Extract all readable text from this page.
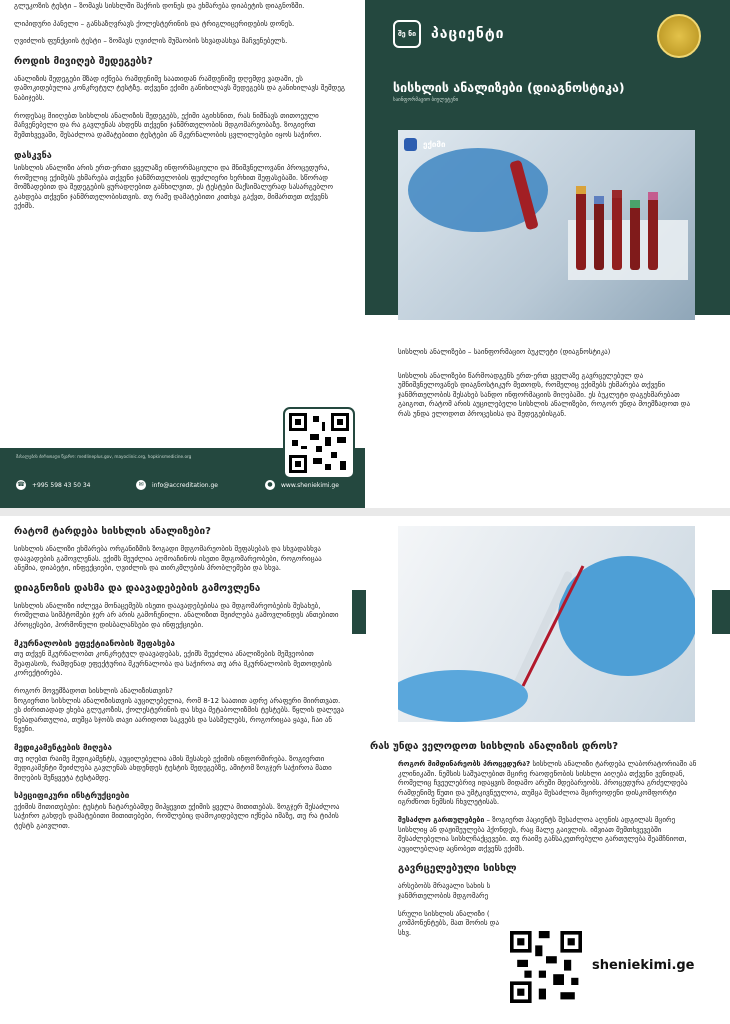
გლუკოზის ტესტი – ზომავს სისხლში შაქრის დონეს და ეხმარება დიაბეტის დიაგნოზში.

ლიპიდური პანელი – განსაზღვრავს ქოლესტერინის და ტრიგლიცერიდების დონეს.

ღვიძლის ფუნქციის ტესტი – ზომავს ღვიძლის მუშაობის სხვადასხვა მაჩვენებელს.

როდის მივიღებ შედეგებს?

ანალიზის შედეგები შზად იქნება რამდენიმე საათიდან რამდენიმე დღემდე ვადაში, ეს დამოკიდებულია კონკრეტულ ტესტზე. თქვენი ექიმი განიხილავს შედეგებს და განიხილავს შემდეგ ნაბიჯებს.

როდესაც მიიღებთ სისხლის ანალიზის შედეგებს, ექიმი აგიხსნით, რას ნიშნავს თითოეული მაჩვენებელი და რა გავლენას ახდენს თქვენი ჯანმრთელობის მდგომარეობაზე. ზოგიერთ შემთხვევაში, შესაძლოა დამატებითი ტესტები ან მკურნალობის ცვლილებები იყოს საჭირო.

დასკვნა

სისხლის ანალიზი არის ერთ-ერთი ყველაზე ინფორმაციული და მნიშვნელოვანი პროცედურა, რომელიც ექიმებს ეხმარება თქვენი ჯანმრთელობის ფუძლიერი ხერხით შეფასებაში. სწორად მომზადებით და შედეგების ყურადღებით განხილვით, ეს ტესტები მაქსიმალურად სასარგებლო გახდება თქვენი ჯანმრთელობისთვის. თუ რამე დამატებითი კითხვა გაქვთ, მიმართეთ თქვენს ექიმს.

მასალების ძირითადი წყარო: medlineplus.gov, mayoclinic.org, hopkinsmedicine.org
☎ +995 598 43 50 34	✉	info@accreditation.ge	●	www.sheniekimi.ge
შე ნი პაციენტი
სისხლის ანალიზები (დიაგნოსტიკა)
საინფორმაციო ბიულეტენი
ექიმი

სისხლის ანალიზები – საინფორმაციო ბუკლეტი (დიაგნოსტიკა)

სისხლის ანალიზები წარმოადგენს ერთ-ერთ ყველაზე გავრცელებულ და უმნიშვნელოვანეს დიაგნოსტიკურ მეთოდს, რომელიც ექიმებს ეხმარება თქვენი ჯანმრთელობის შესახებ სანდო ინფორმაციის მიღებაში. ეს ბუკლეტი დაგეხმარებათ გაიგოთ, რატომ არის აუცილებელი სისხლის ანალიზები, როგორ უნდა მოემზადოთ და რას უნდა ელოდოთ პროცესისა და შედეგებისგან.

რატომ ტარდება სისხლის ანალიზები?

სისხლის ანალიზი ეხმარება ორგანიზმის ზოგადი მდგომარეობის შეფასებას და სხვადასხვა დაავადების გამოვლენას. ექიმს შეუძლია აღმოაჩინოს ისეთი მდგომარეობები, როგორიცაა ანემია, დიაბეტი, ინფექციები, ღვიძლის და თირკმლების პრობლემები და სხვა.

დიაგნოზის დასმა და დაავადებების გამოვლენა

სისხლის ანალიზი იძლევა მონაცემებს ისეთი დაავადებებისა და მდგომარეობების შესახებ, რომელთა სიმპტომები ჯერ არ არის გამოჩენილი. ანალიზით შეიძლება გამოვლინდეს ანთებითი პროცესები, ჰორმონული დისბალანსები და ინფექციები.

მკურნალობის ეფექტიანობის შეფასება

თუ თქვენ მკურნალობთ კონკრეტულ დაავადებას, ექიმს შეუძლია ანალიზების მეშვეობით შეაფასოს, რამდენად ეფექტურია მკურნალობა და საჭიროა თუ არა მკურნალობის მეთოდების კორექტირება.

როგორ მოვემზადოთ სისხლის ანალიზისთვის?

ზოგიერთი სისხლის ანალიზისთვის აუცილებელია, რომ 8-12 საათით ადრე არაფერი მიირთვათ. ეს ძირითადად ეხება გლუკოზის, ქოლესტერინის და სხვა მეტაბოლიზმის ტესტებს. წყლის დალევა ნებადართულია, თუმცა სჯობს თავი აარიდოთ საკვებს და სასმელებს, როგორიცაა ყავა, ჩაი ან წვენი.

მედიკამენტების მიღება

თუ იღებთ რაიმე მედიკამენტს, აუცილებელია ამის შესახებ ექიმის ინფორმირება. ზოგიერთი მედიკამენტი შეიძლება გავლენას ახდენდეს ტესტის შედეგებზე, ამიტომ ზოგჯერ საჭიროა მათი მიღების შეწყვეტა ტესტამდე.

სპეციფიკური ინსტრუქციები

ექიმის მითითებები: ტესტის ჩატარებამდე მიჰყევით ექიმის ყველა მითითებას. ზოგჯერ შესაძლოა საჭირო გახდეს დამატებითი მითითებები, რომლებიც დამოკიდებული იქნება იმაზე, თუ რა ტიპის ტესტს გაივლით.

რას უნდა ველოდოთ სისხლის ანალიზის დროს?

როგორ მიმდინარეობს პროცედურა? სისხლის ანალიზი ტარდება ლაბორატორიაში ან კლინიკაში. ნემსის საშუალებით მცირე რაოდენობის სისხლი აიღება თქვენი ვენიდან, რომელიც ჩვეულებრივ იდაყვის მიდამო არეში მდებარეობს. პროცედურა გრძელდება რამდენიმე წუთი და უმტკივნეულოა, თუმცა შესაძლოა მცირეოდენი დისკომფორტი იგრძნოთ ნემსის ჩხვლეტისას.

შესაძლო გართულებები – ზოგიერთ პაციენტს შესაძლოა აღენის ადგილას მცირე სისხლიყ ან დაჟიშეულება ჰქონდეს, რაც მალე გაივლის. იშვიათ შემთხვევებში შესაძლებელია სისხლჩაქცევები. თუ რაიმე განსაკუთრებული გართულება შეამჩნიოთ, აუცილებლად აცნობეთ თქვენს ექიმს.

გავრცელებული სისხლ

არსებობს მრავალი სახის ს ჯანმრთელობის მდგომარე

სრული სისხლის ანალიზი ( კომპონენტებს, მათ შორის და სხვ.

sheniekimi.ge
